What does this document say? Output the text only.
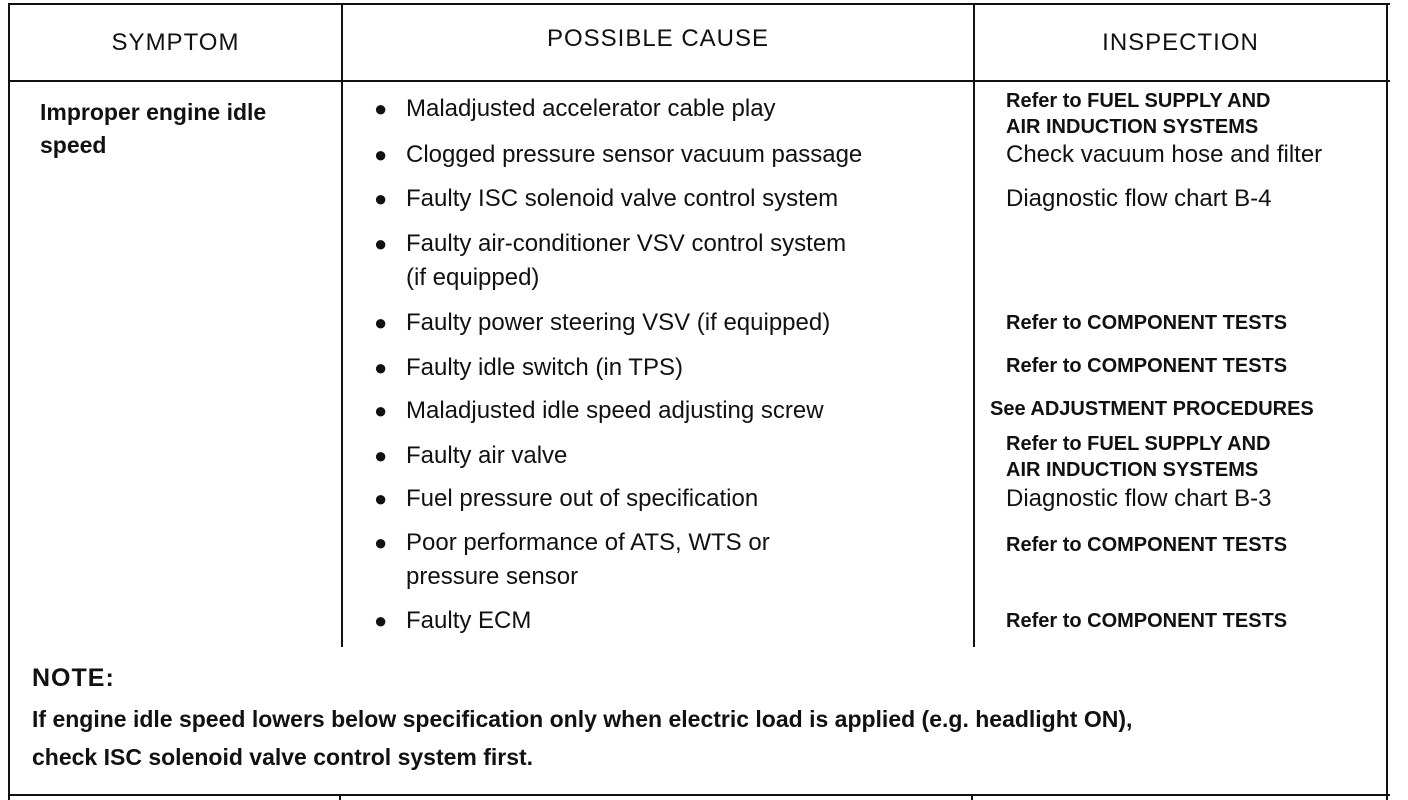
SYMPTOM	POSSIBLE CAUSE	INSPECTION
Improper engine idle speed
● Maladjusted accelerator cable play
● Clogged pressure sensor vacuum passage
● Faulty ISC solenoid valve control system
● Faulty air-conditioner VSV control system
(if equipped)
● Faulty power steering VSV (if equipped)
● Faulty idle switch (in TPS)
● Maladjusted idle speed adjusting screw
● Faulty air valve
● Fuel pressure out of specification
● Poor performance of ATS, WTS or
pressure sensor
● Faulty ECM
Refer to FUEL SUPPLY AND
AIR INDUCTION SYSTEMS
Check vacuum hose and filter
Diagnostic flow chart B-4
Refer to COMPONENT TESTS
Refer to COMPONENT TESTS
See ADJUSTMENT PROCEDURES
Refer to FUEL SUPPLY AND
AIR INDUCTION SYSTEMS
Diagnostic flow chart B-3
Refer to COMPONENT TESTS
Refer to COMPONENT TESTS
NOTE:
If engine idle speed lowers below specification only when electric load is applied (e.g. headlight ON),
check ISC solenoid valve control system first.
